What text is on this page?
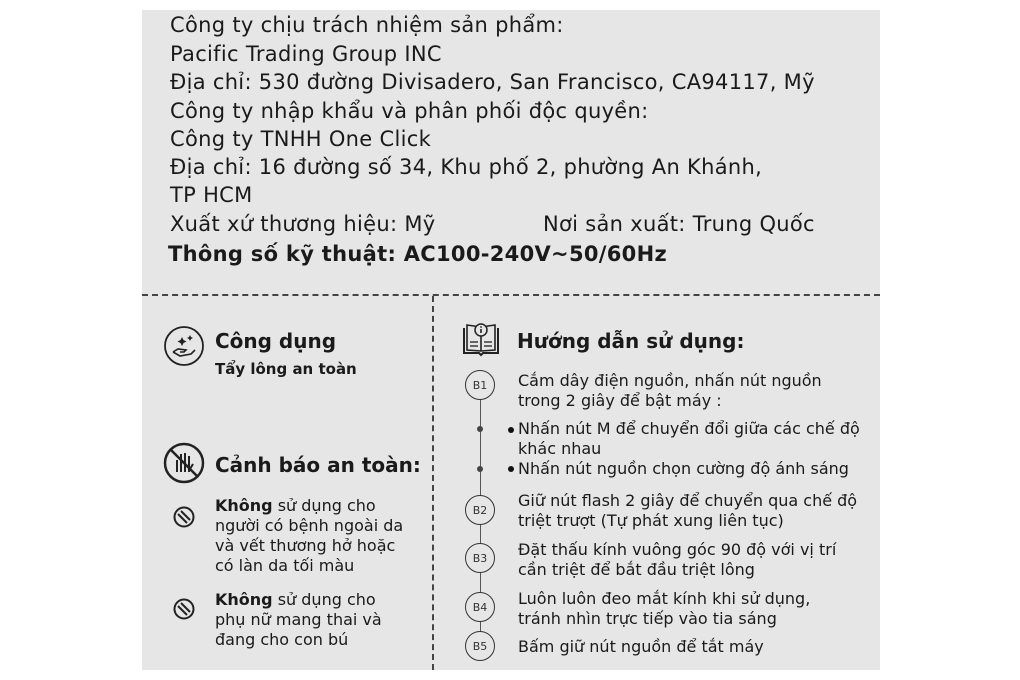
Công ty chịu trách nhiệm sản phẩm:
Pacific Trading Group INC
Địa chỉ: 530 đường Divisadero, San Francisco, CA94117, Mỹ
Công ty nhập khẩu và phân phối độc quyền:
Công ty TNHH One Click
Địa chỉ: 16 đường số 34, Khu phố 2, phường An Khánh,
TP HCM
Xuất xứ thương hiệu: Mỹ	Nơi sản xuất: Trung Quốc
Thông số kỹ thuật: AC100-240V~50/60Hz
Công dụng
Tẩy lông an toàn
Cảnh báo an toàn:
Không sử dụng cho
người có bệnh ngoài da
và vết thương hở hoặc
có làn da tối màu
Không sử dụng cho
phụ nữ mang thai và
đang cho con bú
Hướng dẫn sử dụng:
B1	Cắm dây điện nguồn, nhấn nút nguồn
trong 2 giây để bật máy :
Nhấn nút M để chuyển đổi giữa các chế độ
khác nhau
Nhấn nút nguồn chọn cường độ ánh sáng
B2	Giữ nút flash 2 giây để chuyển qua chế độ
triệt trượt (Tự phát xung liên tục)
B3	Đặt thấu kính vuông góc 90 độ với vị trí
cần triệt để bắt đầu triệt lông
B4	Luôn luôn đeo mắt kính khi sử dụng,
tránh nhìn trực tiếp vào tia sáng
B5	Bấm giữ nút nguồn để tắt máy
